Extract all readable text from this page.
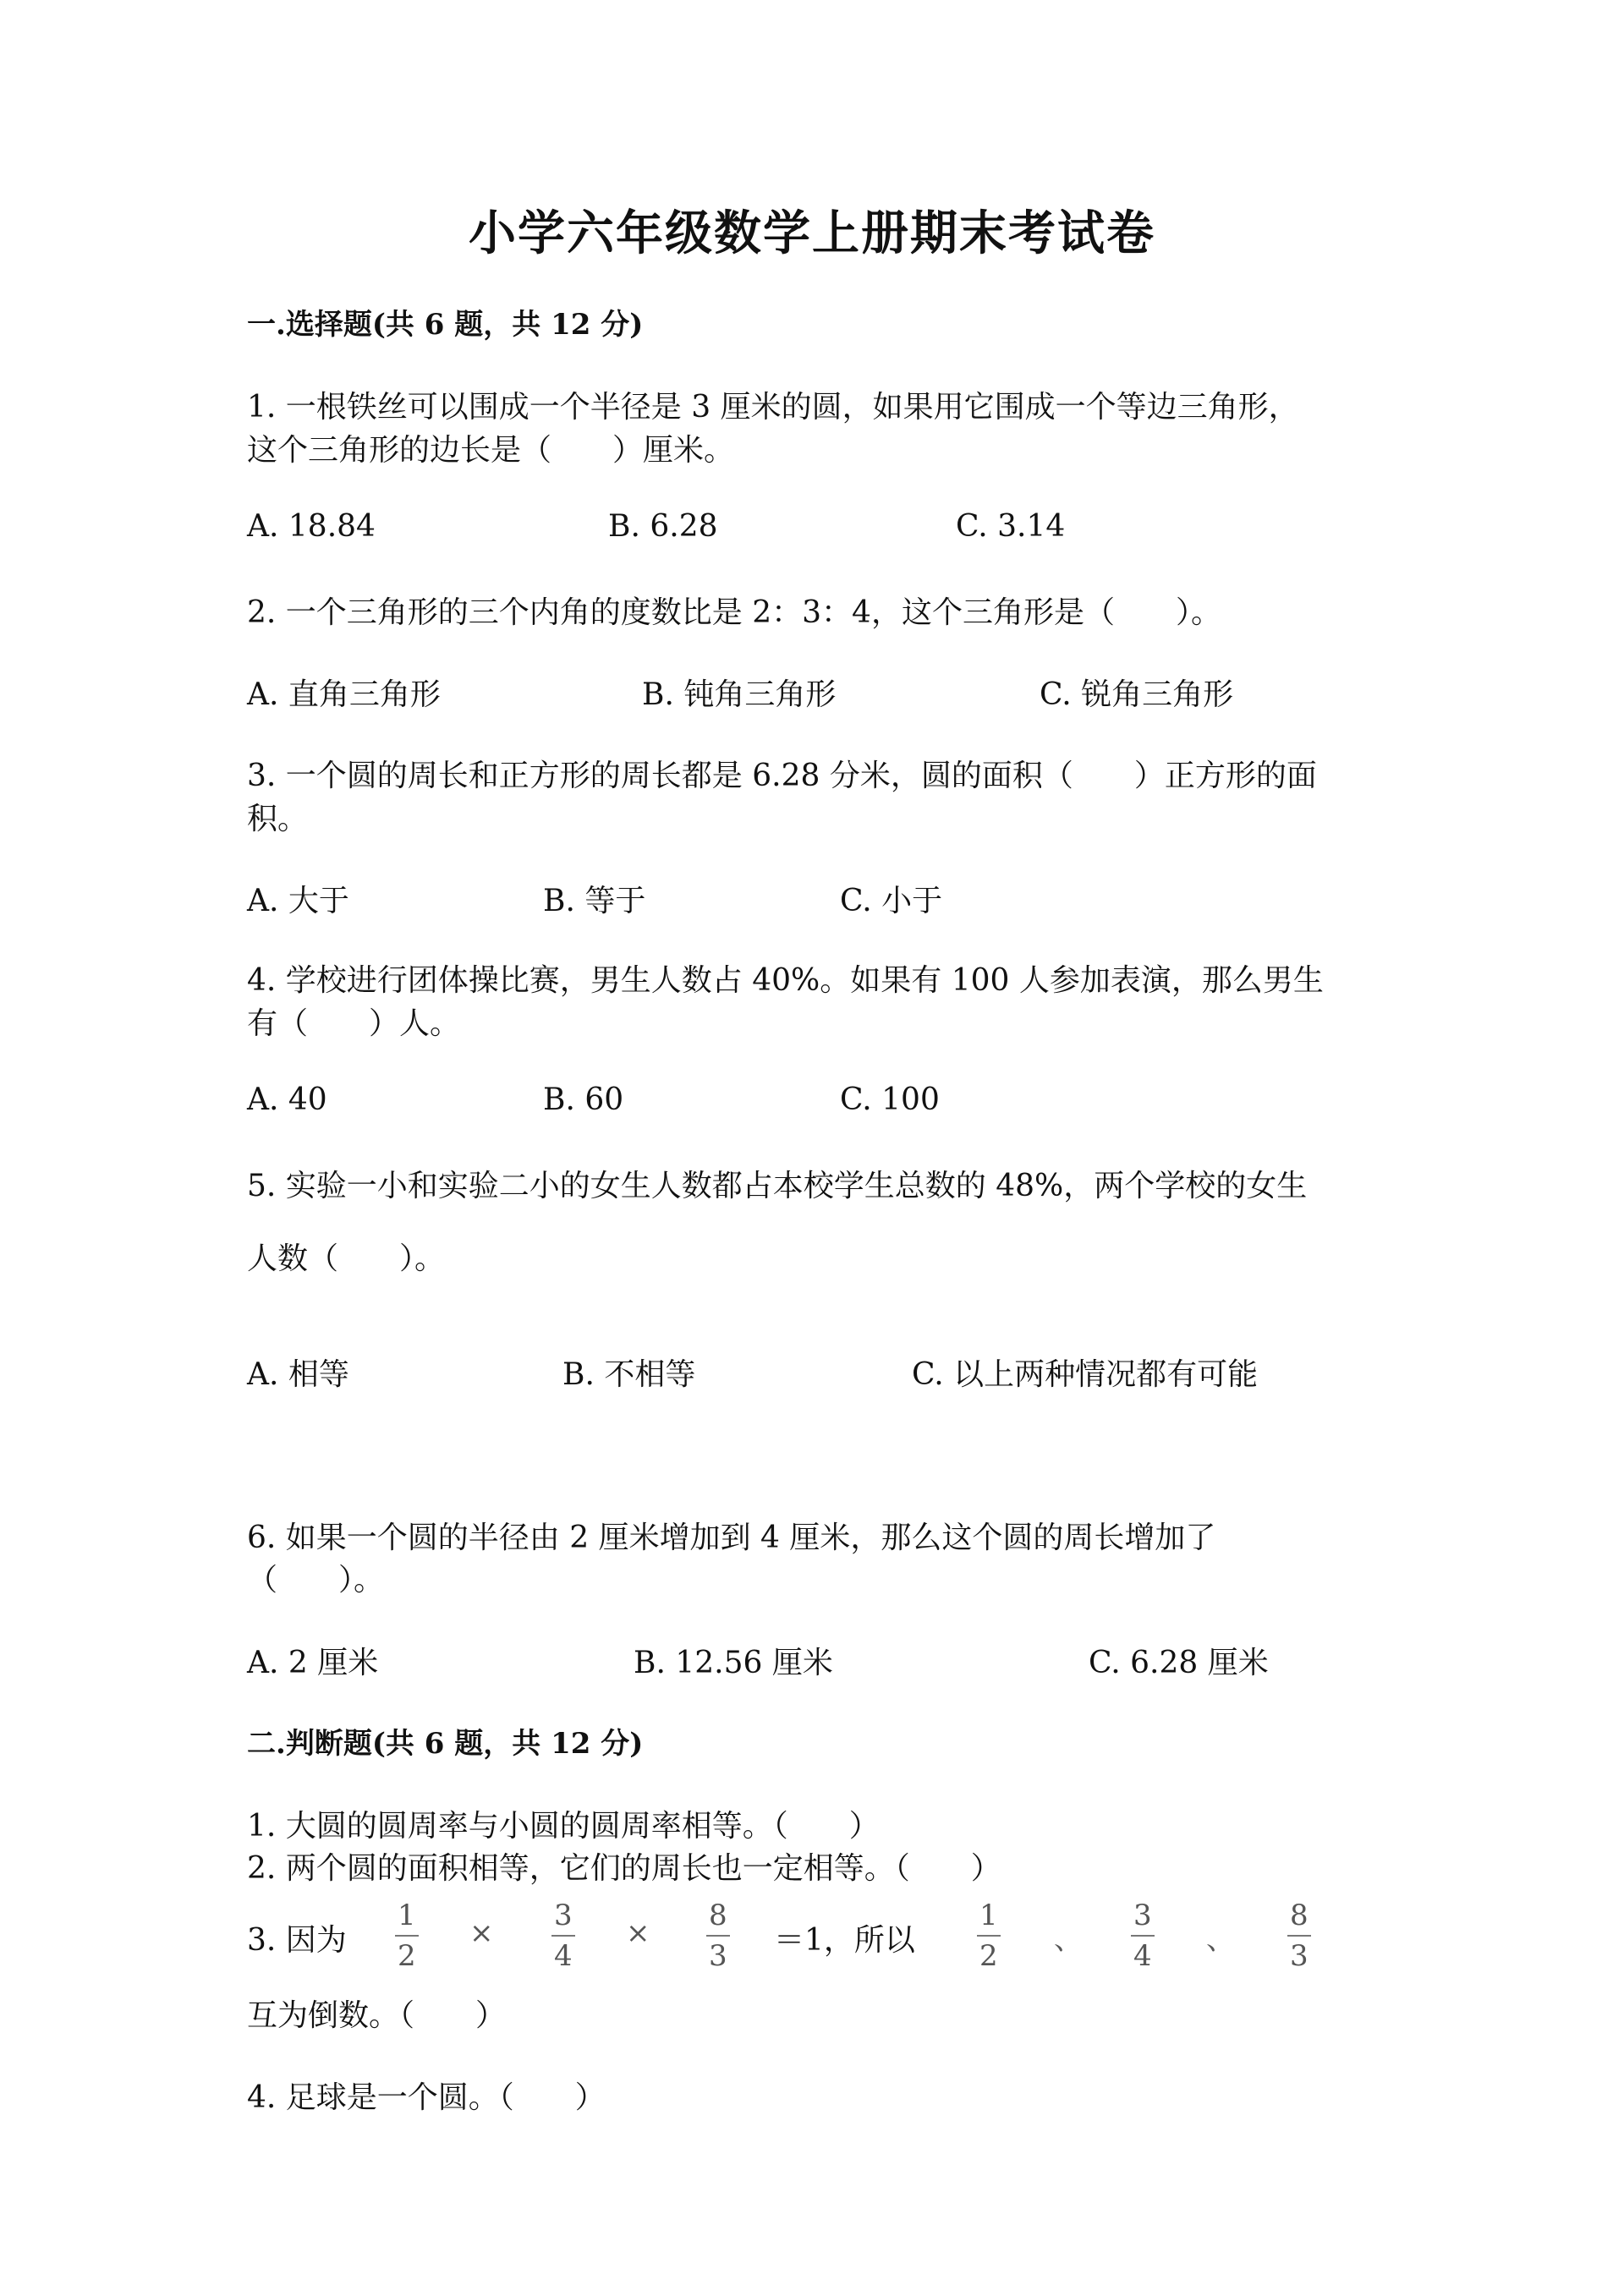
小学六年级数学上册期末考试卷
一.选择题(共 6 题，共 12 分)
1. 一根铁丝可以围成一个半径是 3 厘米的圆，如果用它围成一个等边三角形，
这个三角形的边长是（　　）厘米。
A. 18.84	B. 6.28	C. 3.14
2. 一个三角形的三个内角的度数比是 2：3：4，这个三角形是（　　）。
A. 直角三角形	B. 钝角三角形	C. 锐角三角形
3. 一个圆的周长和正方形的周长都是 6.28 分米，圆的面积（　　）正方形的面
积。
A. 大于	B. 等于	C. 小于
4. 学校进行团体操比赛，男生人数占 40%。如果有 100 人参加表演，那么男生
有（　　）人。
A. 40	B. 60	C. 100
5. 实验一小和实验二小的女生人数都占本校学生总数的 48%，两个学校的女生
人数（　　）。
A. 相等	B. 不相等	C. 以上两种情况都有可能
6. 如果一个圆的半径由 2 厘米增加到 4 厘米，那么这个圆的周长增加了
（　　）。
A. 2 厘米	B. 12.56 厘米	C. 6.28 厘米
二.判断题(共 6 题，共 12 分)
1. 大圆的圆周率与小圆的圆周率相等。（　　）
2. 两个圆的面积相等，它们的周长也一定相等。（　　）
3. 因为
1
2
×
3
4
×
8
3 ＝1，所以
1
2 、
3
4 、
8
3
互为倒数。（　　）
4. 足球是一个圆。（　　）
